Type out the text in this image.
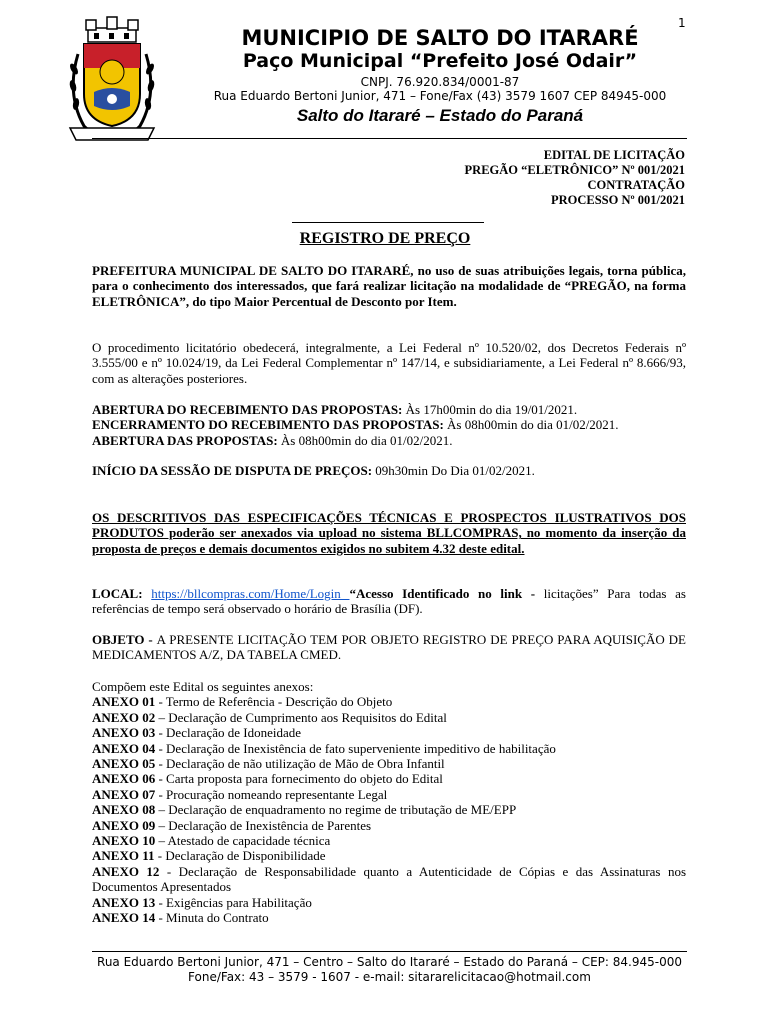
1
MUNICIPIO DE SALTO DO ITARARÉ
Paço Municipal “Prefeito José Odair”
CNPJ. 76.920.834/0001-87
Rua Eduardo Bertoni Junior, 471 – Fone/Fax (43) 3579 1607 CEP 84945-000
Salto do Itararé – Estado do Paraná
EDITAL DE LICITAÇÃO
PREGÃO “ELETRÔNICO” Nº 001/2021
CONTRATAÇÃO
PROCESSO Nº 001/2021
REGISTRO DE PREÇO
PREFEITURA MUNICIPAL DE SALTO DO ITARARÉ, no uso de suas atribuições legais, torna pública, para o conhecimento dos interessados, que fará realizar licitação na modalidade de “PREGÃO, na forma ELETRÔNICA”, do tipo Maior Percentual de Desconto por Item.
O procedimento licitatório obedecerá, integralmente, a Lei Federal nº 10.520/02, dos Decretos Federais nº 3.555/00 e nº 10.024/19, da Lei Federal Complementar nº 147/14, e subsidiariamente, a Lei Federal nº 8.666/93, com as alterações posteriores.
ABERTURA DO RECEBIMENTO DAS PROPOSTAS: Às 17h00min do dia 19/01/2021.
ENCERRAMENTO DO RECEBIMENTO DAS PROPOSTAS: Às 08h00min do dia 01/02/2021.
ABERTURA DAS PROPOSTAS: Às 08h00min do dia 01/02/2021.
INÍCIO DA SESSÃO DE DISPUTA DE PREÇOS: 09h30min Do Dia 01/02/2021.
OS DESCRITIVOS DAS ESPECIFICAÇÕES TÉCNICAS E PROSPECTOS ILUSTRATIVOS DOS PRODUTOS poderão ser anexados via upload no sistema BLLCOMPRAS, no momento da inserção da proposta de preços e demais documentos exigidos no subitem 4.32 deste edital.
LOCAL: https://bllcompras.com/Home/Login “Acesso Identificado no link - licitações” Para todas as referências de tempo será observado o horário de Brasília (DF).
OBJETO - A PRESENTE LICITAÇÃO TEM POR OBJETO REGISTRO DE PREÇO PARA AQUISIÇÃO DE MEDICAMENTOS A/Z, DA TABELA CMED.
Compõem este Edital os seguintes anexos:
ANEXO 01 - Termo de Referência - Descrição do Objeto
ANEXO 02 – Declaração de Cumprimento aos Requisitos do Edital
ANEXO 03 - Declaração de Idoneidade
ANEXO 04 - Declaração de Inexistência de fato superveniente impeditivo de habilitação
ANEXO 05 - Declaração de não utilização de Mão de Obra Infantil
ANEXO 06 - Carta proposta para fornecimento do objeto do Edital
ANEXO 07 - Procuração nomeando representante Legal
ANEXO 08 – Declaração de enquadramento no regime de tributação de ME/EPP
ANEXO 09 – Declaração de Inexistência de Parentes
ANEXO 10 – Atestado de capacidade técnica
ANEXO 11 - Declaração de Disponibilidade
ANEXO 12 - Declaração de Responsabilidade quanto a Autenticidade de Cópias e das Assinaturas nos Documentos Apresentados
ANEXO 13 - Exigências para Habilitação
ANEXO 14 - Minuta do Contrato
Rua Eduardo Bertoni Junior, 471 – Centro – Salto do Itararé – Estado do Paraná – CEP: 84.945-000
Fone/Fax: 43 – 3579 - 1607 - e-mail: sitararelicitacao@hotmail.com
